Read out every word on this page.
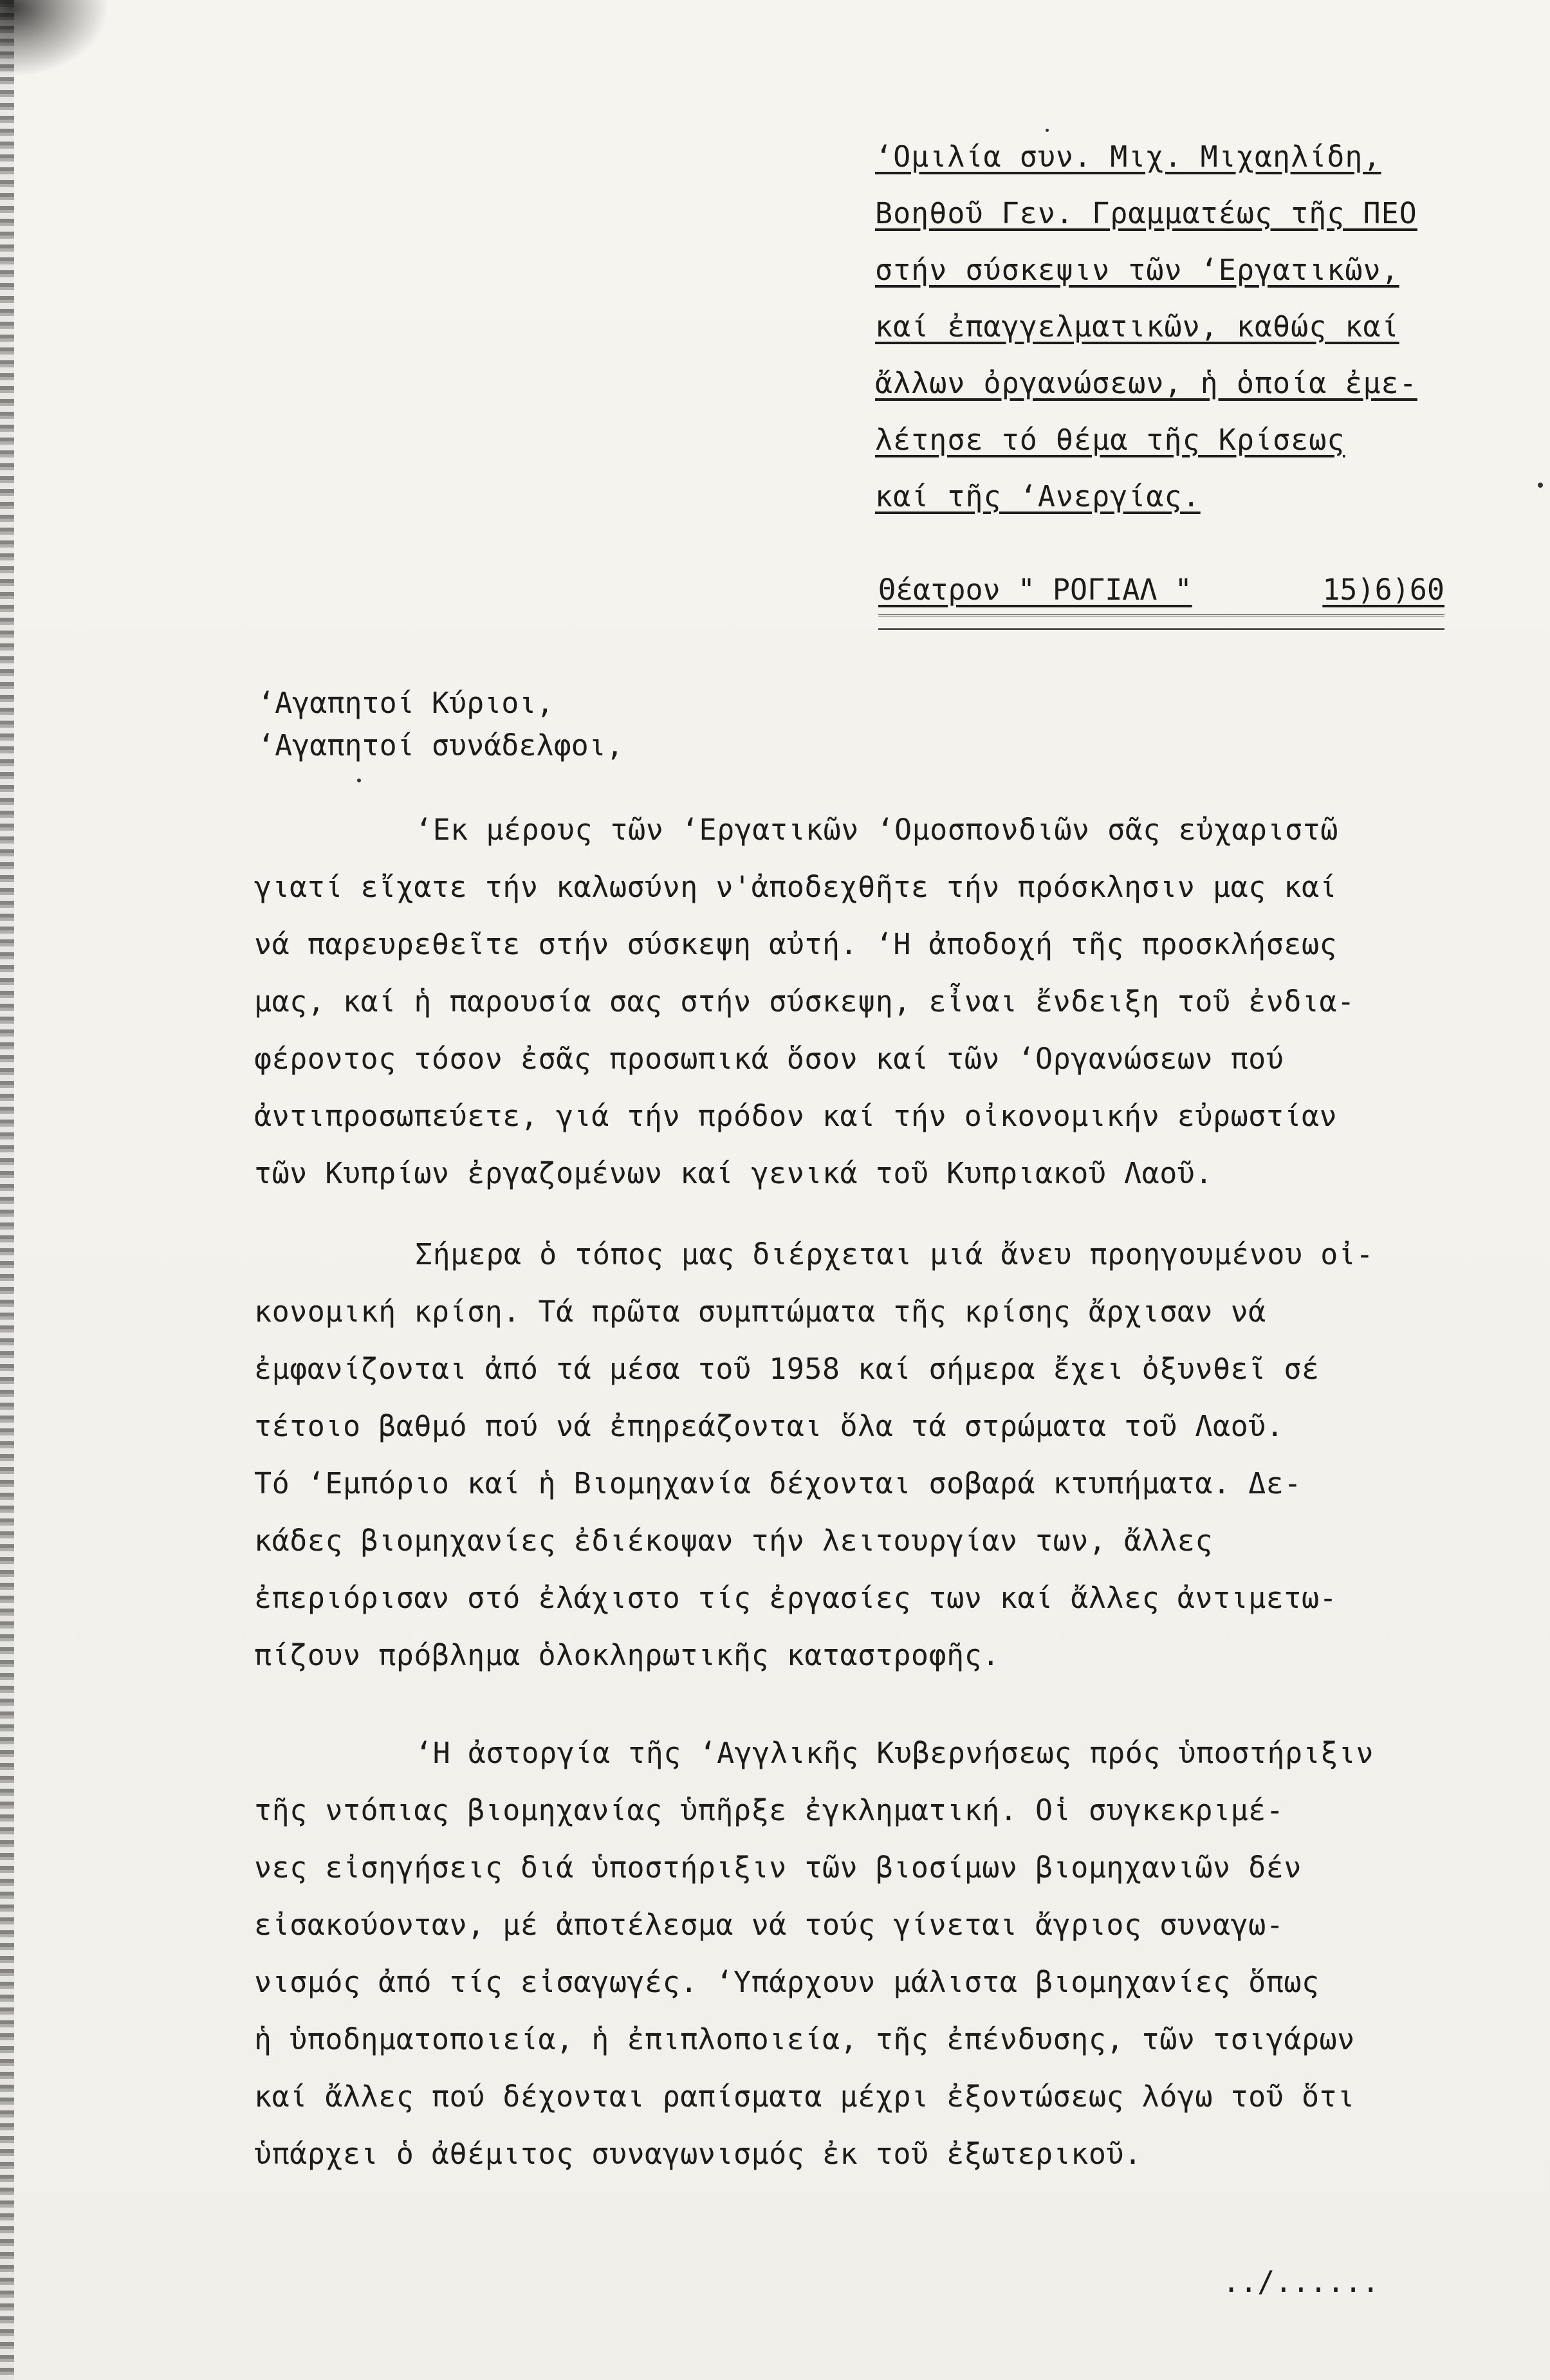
‘Ομιλία συν. Μιχ. Μιχαηλίδη,
Βοηθοῦ Γεν. Γραμματέως τῆς ΠΕΟ
στήν σύσκεψιν τῶν ‘Εργατικῶν,
καί ἐπαγγελματικῶν, καθώς καί
ἄλλων ὀργανώσεων, ἡ ὁποία ἐμε-
λέτησε τό θέμα τῆς Κρίσεως
καί τῆς ‘Ανεργίας.
Θέατρον " ΡΟΓΙΑΛ "	15)6)60
‘Αγαπητοί Κύριοι,
‘Αγαπητοί συνάδελφοι,
‘Εκ μέρους τῶν ‘Εργατικῶν ‘Ομοσπονδιῶν σᾶς εὐχαριστῶ
γιατί εἴχατε τήν καλωσύνη ν'ἀποδεχθῆτε τήν πρόσκλησιν μας καί
νά παρευρεθεῖτε στήν σύσκεψη αὐτή. ‘Η ἀποδοχή τῆς προσκλήσεως
μας, καί ἡ παρουσία σας στήν σύσκεψη, εἶναι ἔνδειξη τοῦ ἐνδια-
φέροντος τόσον ἐσᾶς προσωπικά ὅσον καί τῶν ‘Οργανώσεων πού
ἀντιπροσωπεύετε, γιά τήν πρόδον καί τήν οἰκονομικήν εὐρωστίαν
τῶν Κυπρίων ἐργαζομένων καί γενικά τοῦ Κυπριακοῦ Λαοῦ.
Σήμερα ὁ τόπος μας διέρχεται μιά ἄνευ προηγουμένου οἰ-
κονομική κρίση. Τά πρῶτα συμπτώματα τῆς κρίσης ἄρχισαν νά
ἐμφανίζονται ἀπό τά μέσα τοῦ 1958 καί σήμερα ἔχει ὀξυνθεῖ σέ
τέτοιο βαθμό πού νά ἐπηρεάζονται ὅλα τά στρώματα τοῦ Λαοῦ.
Τό ‘Εμπόριο καί ἡ Βιομηχανία δέχονται σοβαρά κτυπήματα. Δε-
κάδες βιομηχανίες ἐδιέκοψαν τήν λειτουργίαν των, ἄλλες
ἐπεριόρισαν στό ἐλάχιστο τίς ἐργασίες των καί ἄλλες ἀντιμετω-
πίζουν πρόβλημα ὁλοκληρωτικῆς καταστροφῆς.
‘Η ἀστοργία τῆς ‘Αγγλικῆς Κυβερνήσεως πρός ὑποστήριξιν
τῆς ντόπιας βιομηχανίας ὑπῆρξε ἐγκληματική. Οἱ συγκεκριμέ-
νες εἰσηγήσεις διά ὑποστήριξιν τῶν βιοσίμων βιομηχανιῶν δέν
εἰσακούονταν, μέ ἀποτέλεσμα νά τούς γίνεται ἄγριος συναγω-
νισμός ἀπό τίς εἰσαγωγές. ‘Υπάρχουν μάλιστα βιομηχανίες ὅπως
ἡ ὑποδηματοποιεία, ἡ ἐπιπλοποιεία, τῆς ἐπένδυσης, τῶν τσιγάρων
καί ἄλλες πού δέχονται ραπίσματα μέχρι ἐξοντώσεως λόγω τοῦ ὅτι
ὑπάρχει ὁ ἀθέμιτος συναγωνισμός ἐκ τοῦ ἐξωτερικοῦ.
../......
